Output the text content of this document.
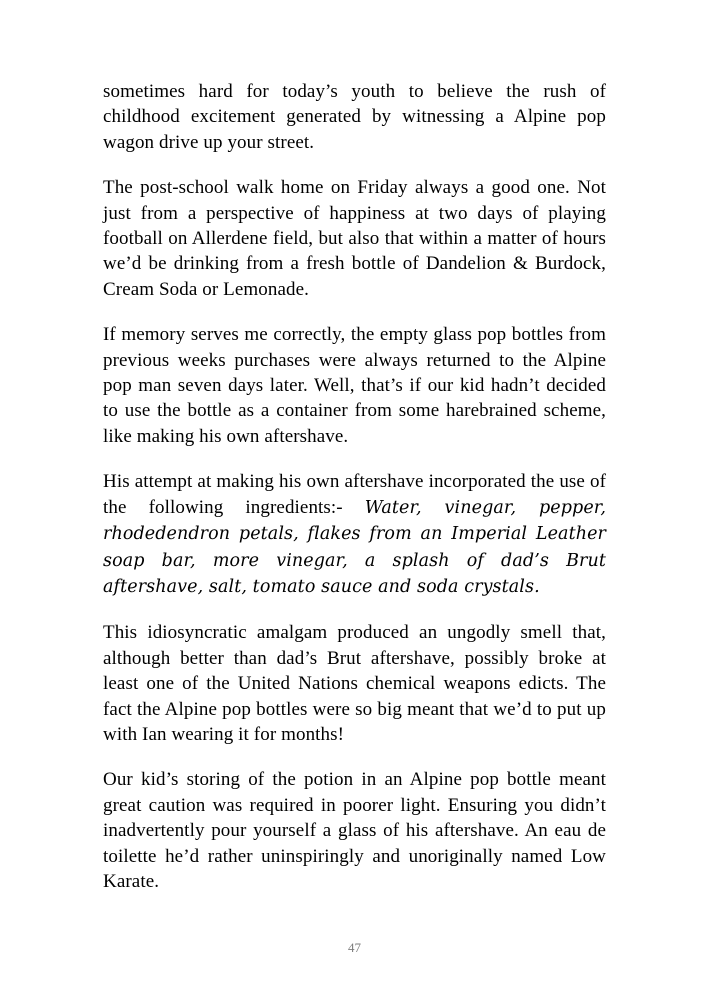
sometimes hard for today’s youth to believe the rush of childhood excitement generated by witnessing a Alpine pop wagon drive up your street.

The post-school walk home on Friday always a good one. Not just from a perspective of happiness at two days of playing football on Allerdene field, but also that within a matter of hours we’d be drinking from a fresh bottle of Dandelion & Burdock, Cream Soda or Lemonade.

If memory serves me correctly, the empty glass pop bottles from previous weeks purchases were always returned to the Alpine pop man seven days later. Well, that’s if our kid hadn’t decided to use the bottle as a container from some harebrained scheme, like making his own aftershave.

His attempt at making his own aftershave incorporated the use of the following ingredients:- Water, vinegar, pepper, rhodedendron petals, flakes from an Imperial Leather soap bar, more vinegar, a splash of dad’s Brut aftershave, salt, tomato sauce and soda crystals.

This idiosyncratic amalgam produced an ungodly smell that, although better than dad’s Brut aftershave, possibly broke at least one of the United Nations chemical weapons edicts. The fact the Alpine pop bottles were so big meant that we’d to put up with Ian wearing it for months!

Our kid’s storing of the potion in an Alpine pop bottle meant great caution was required in poorer light. Ensuring you didn’t inadvertently pour yourself a glass of his aftershave. An eau de toilette he’d rather uninspiringly and unoriginally named Low Karate.

47
